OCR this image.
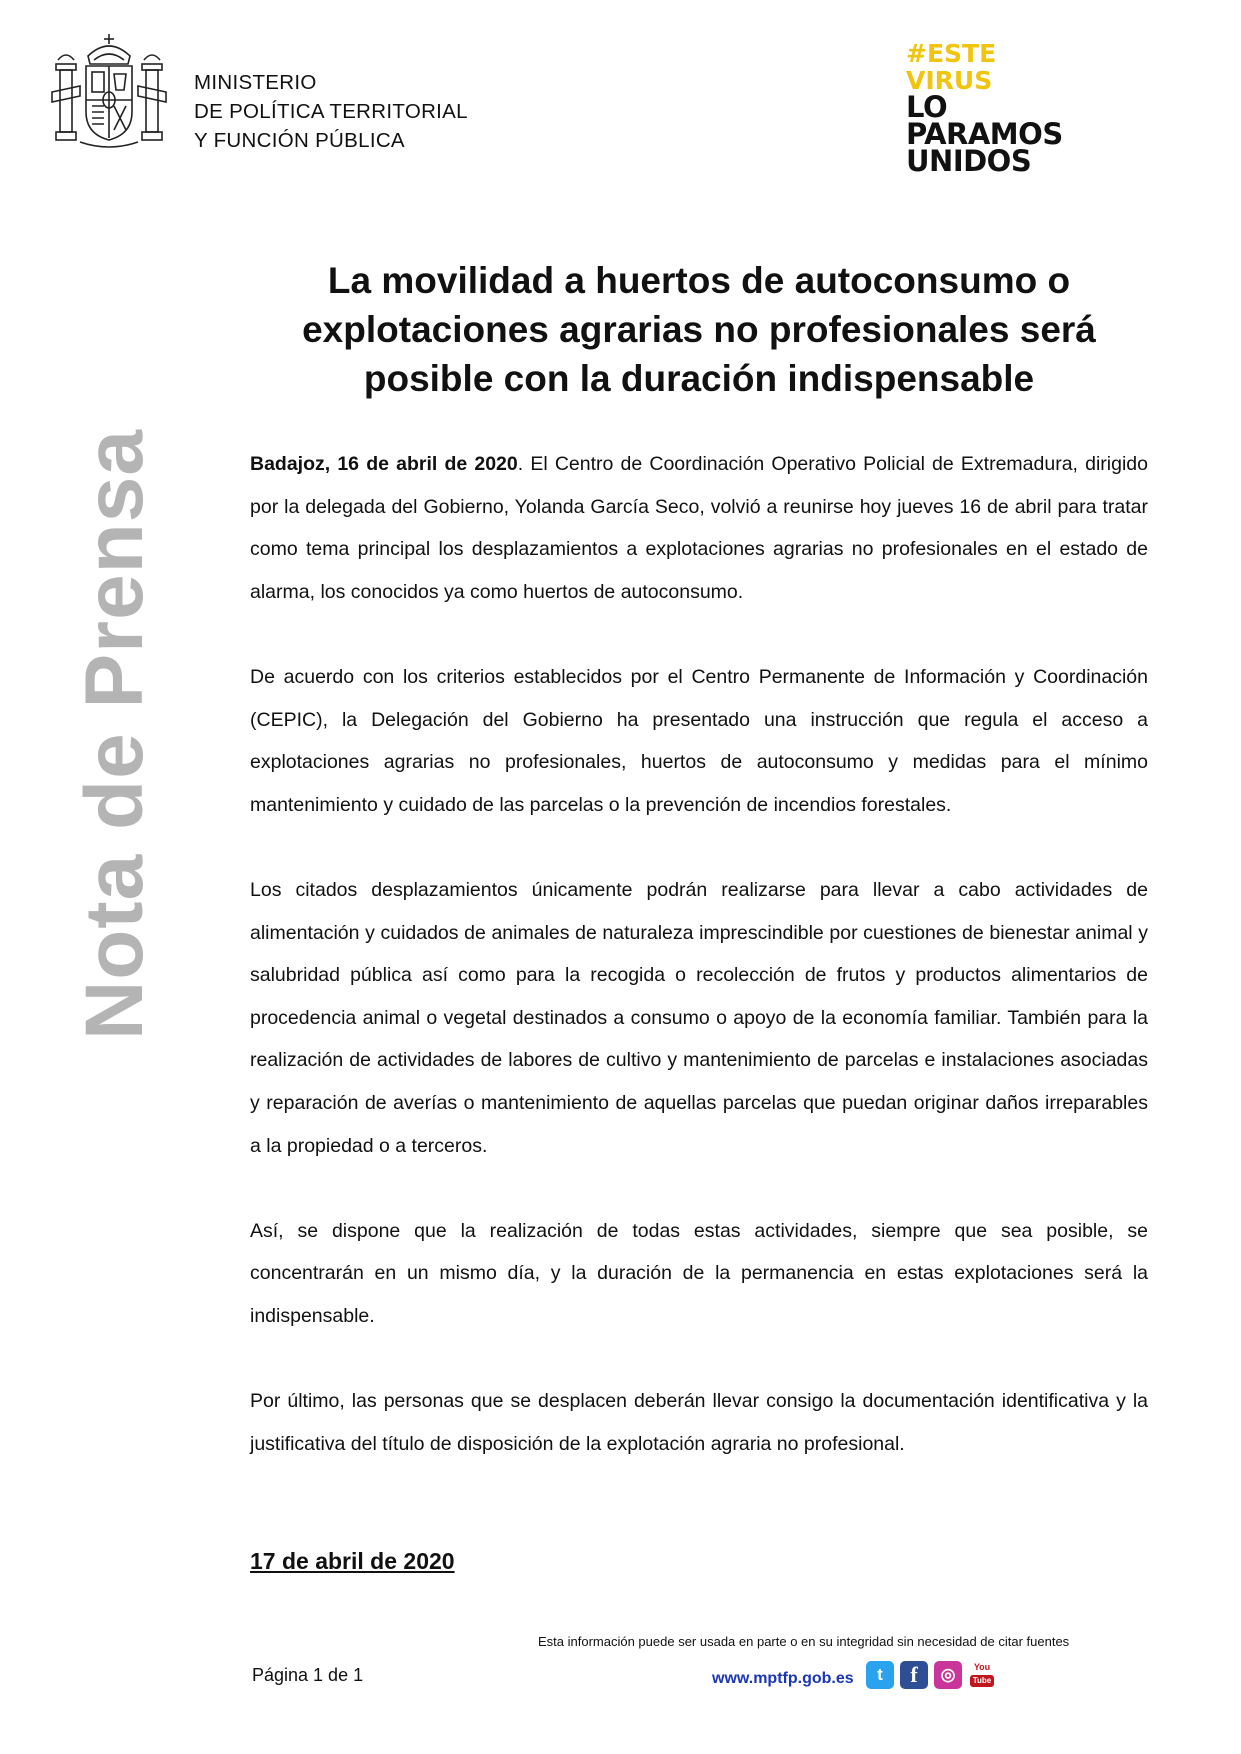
MINISTERIO
DE POLÍTICA TERRITORIAL
Y FUNCIÓN PÚBLICA
#ESTE
VIRUS
LO
PARAMOS
UNIDOS
Nota de Prensa
La movilidad a huertos de autoconsumo o explotaciones agrarias no profesionales será posible con la duración indispensable

Badajoz, 16 de abril de 2020. El Centro de Coordinación Operativo Policial de Extremadura, dirigido por la delegada del Gobierno, Yolanda García Seco, volvió a reunirse hoy jueves 16 de abril para tratar como tema principal los desplazamientos a explotaciones agrarias no profesionales en el estado de alarma, los conocidos ya como huertos de autoconsumo.

De acuerdo con los criterios establecidos por el Centro Permanente de Información y Coordinación (CEPIC), la Delegación del Gobierno ha presentado una instrucción que regula el acceso a explotaciones agrarias no profesionales, huertos de autoconsumo y medidas para el mínimo mantenimiento y cuidado de las parcelas o la prevención de incendios forestales.

Los citados desplazamientos únicamente podrán realizarse para llevar a cabo actividades de alimentación y cuidados de animales de naturaleza imprescindible por cuestiones de bienestar animal y salubridad pública así como para la recogida o recolección de frutos y productos alimentarios de procedencia animal o vegetal destinados a consumo o apoyo de la economía familiar. También para la realización de actividades de labores de cultivo y mantenimiento de parcelas e instalaciones asociadas y reparación de averías o mantenimiento de aquellas parcelas que puedan originar daños irreparables a la propiedad o a terceros.

Así, se dispone que la realización de todas estas actividades, siempre que sea posible, se concentrarán en un mismo día, y la duración de la permanencia en estas explotaciones será la indispensable.

Por último, las personas que se desplacen deberán llevar consigo la documentación identificativa y la justificativa del título de disposición de la explotación agraria no profesional.

17 de abril de 2020
Esta información puede ser usada en parte o en su integridad sin necesidad de citar fuentes
Página 1 de 1	www.mptfp.gob.es	t	f	◎	You
Tube
